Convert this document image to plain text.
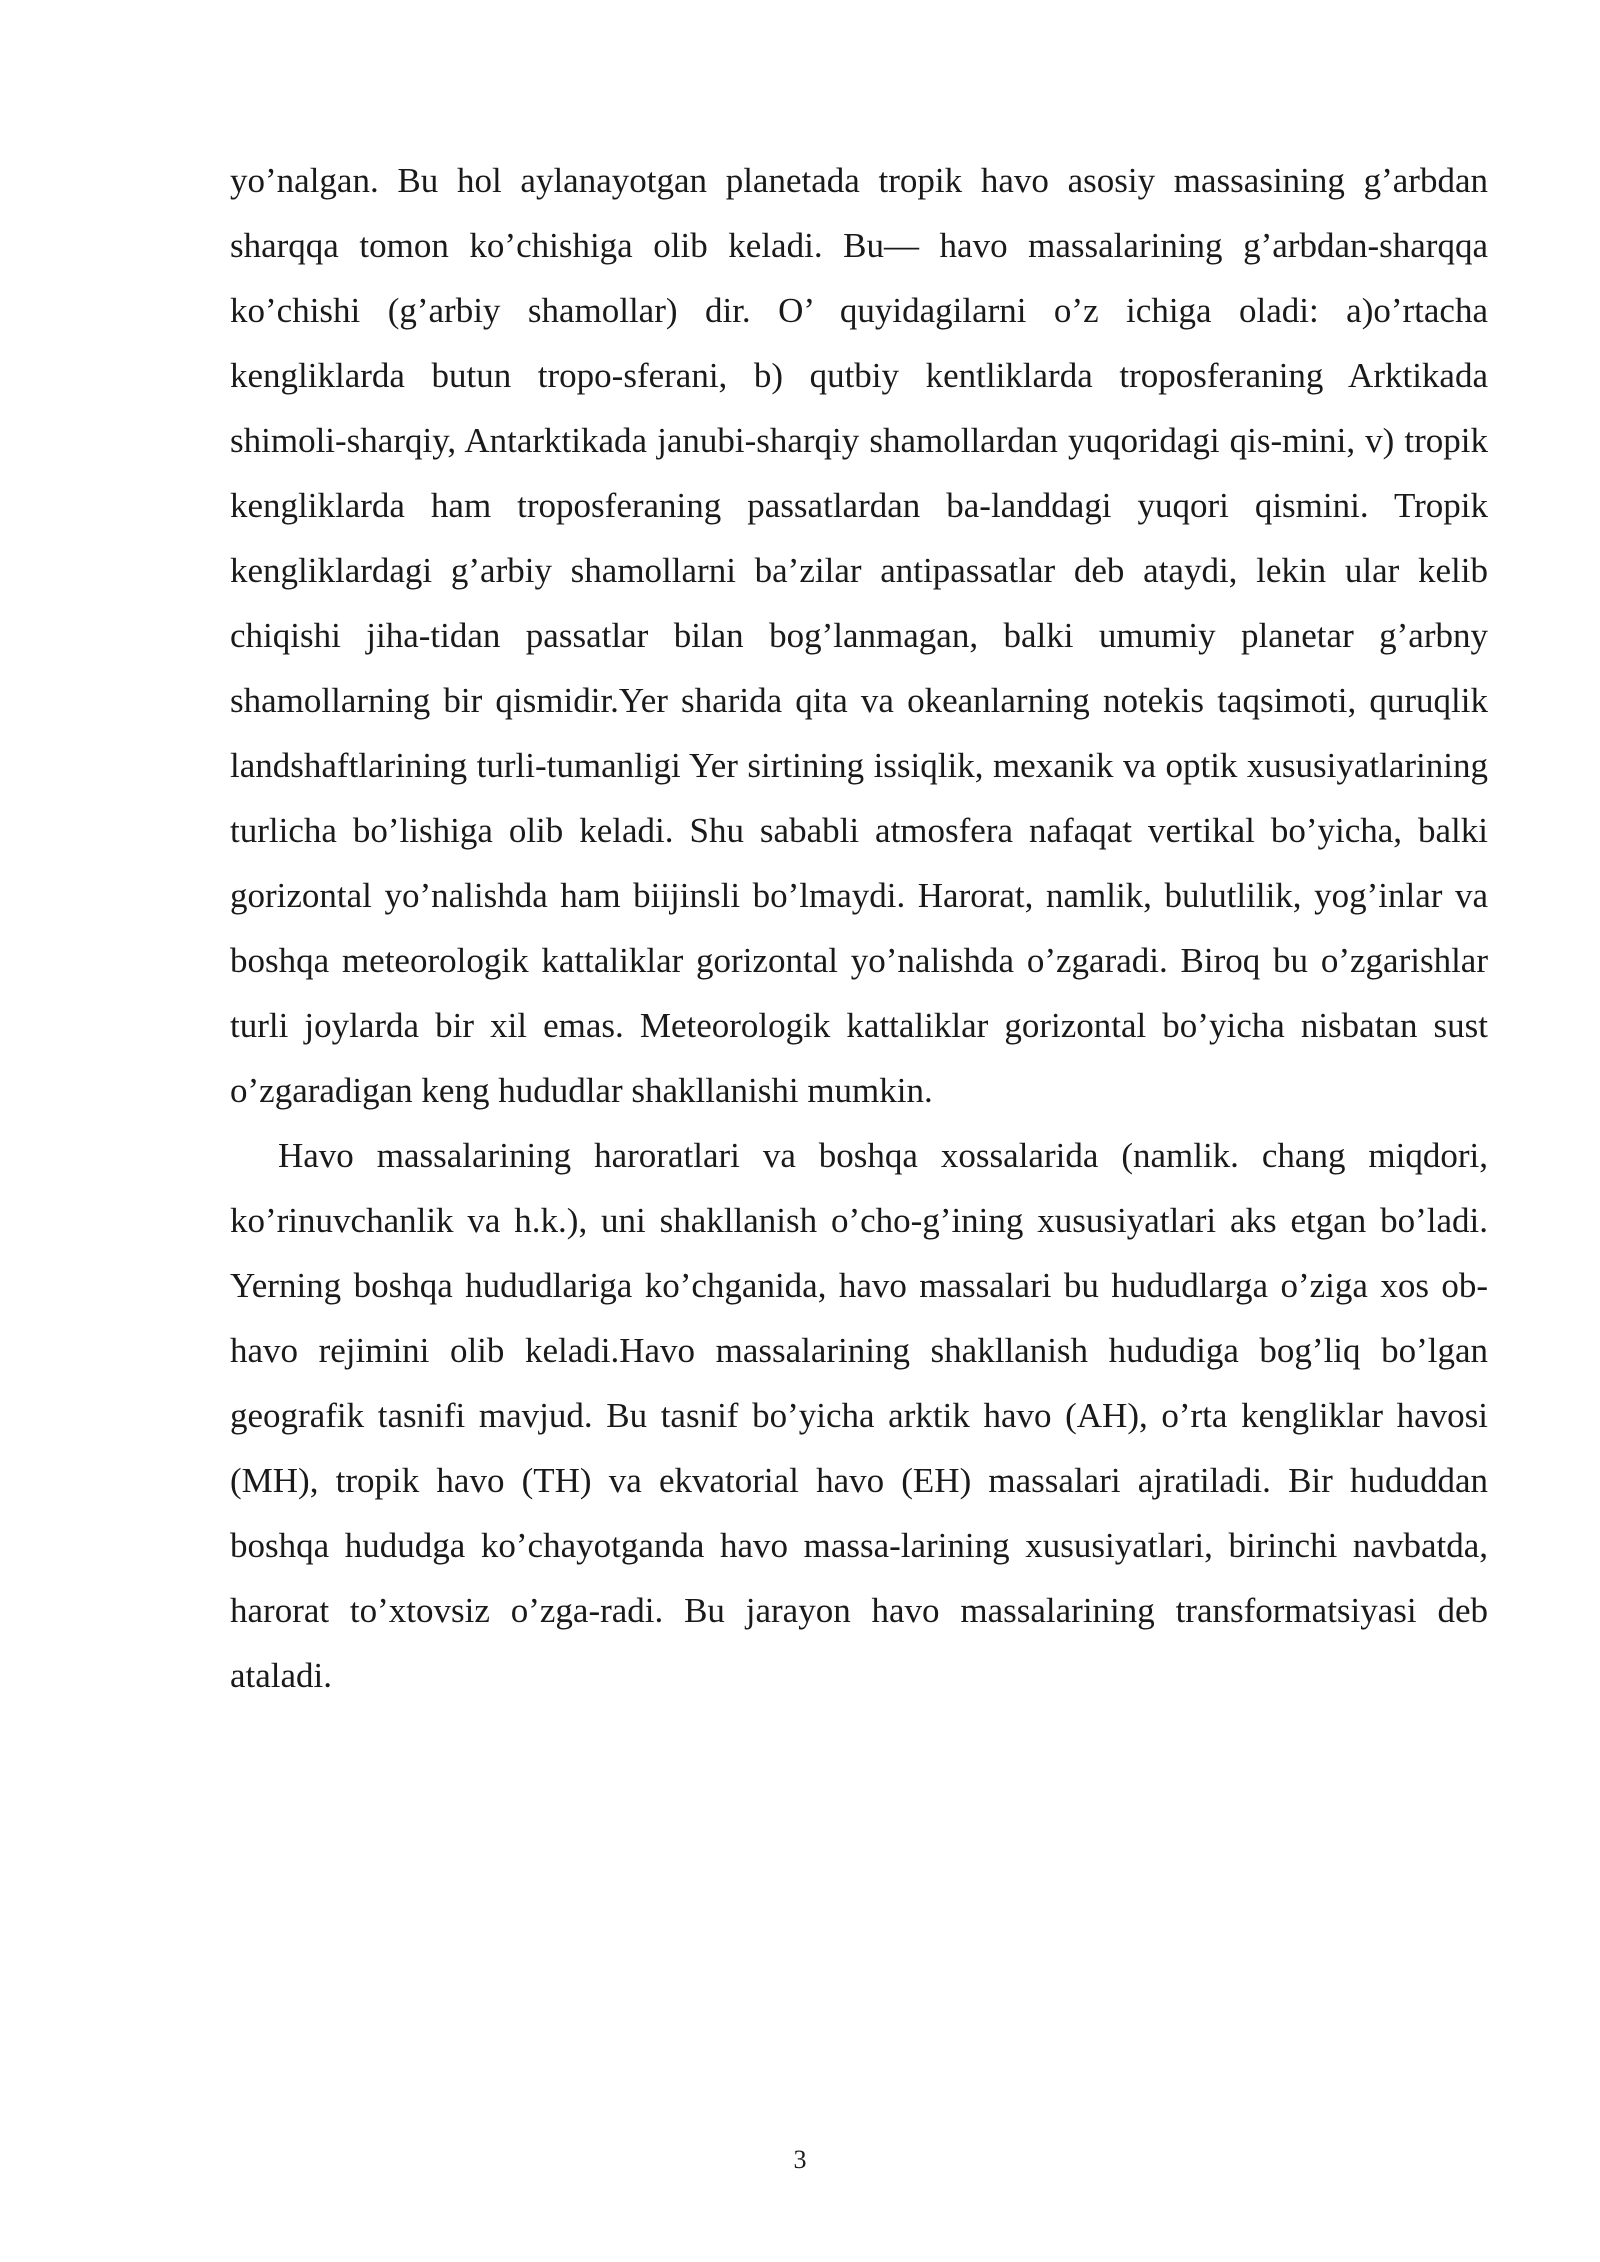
yo’nalgan. Bu hol aylanayotgan planetada tropik havo asosiy massasining g’arbdan sharqqa tomon ko’chishiga olib keladi. Bu— havo massalarining g’arbdan-sharqqa ko’chishi (g’arbiy shamollar) dir. O’ quyidagilarni o’z ichiga oladi: a)o’rtacha kengliklarda butun tropo-sferani, b) qutbiy kentliklarda troposferaning Arktikada shimoli-sharqiy, Antarktikada janubi-sharqiy shamollardan yuqoridagi qis-mini, v) tropik kengliklarda ham troposferaning passatlardan ba-landdagi yuqori qismini. Tropik kengliklardagi g’arbiy shamollarni ba’zilar antipassatlar deb ataydi, lekin ular kelib chiqishi jiha-tidan passatlar bilan bog’lanmagan, balki umumiy planetar g’arbny shamollarning bir qismidir.Yer sharida qita va okeanlarning notekis taqsimoti, quruqlik landshaftlarining turli-tumanligi Yer sirtining issiqlik, mexanik va optik xususiyatlarining turlicha bo’lishiga olib keladi. Shu sababli atmosfera nafaqat vertikal bo’yicha, balki gorizontal yo’nalishda ham biijinsli bo’lmaydi. Harorat, namlik, bulutlilik, yog’inlar va boshqa meteorologik kattaliklar gorizontal yo’nalishda o’zgaradi. Biroq bu o’zgarishlar turli joylarda bir xil emas. Meteorologik kattaliklar gorizontal bo’yicha nisbatan sust o’zgaradigan keng hududlar shakllanishi mumkin.

Havo massalarining haroratlari va boshqa xossalarida (namlik. chang miqdori, ko’rinuvchanlik va h.k.), uni shakllanish o’cho-g’ining xususiyatlari aks etgan bo’ladi. Yerning boshqa hududlariga ko’chganida, havo massalari bu hududlarga o’ziga xos ob-havo rejimini olib keladi.Havo massalarining shakllanish hududiga bog’liq bo’lgan geografik tasnifi mavjud. Bu tasnif bo’yicha arktik havo (AH), o’rta kengliklar havosi (MH), tropik havo (TH) va ekvatorial havo (EH) massalari ajratiladi. Bir hududdan boshqa hududga ko’chayotganda havo massa-larining xususiyatlari, birinchi navbatda, harorat to’xtovsiz o’zga-radi. Bu jarayon havo massalarining transformatsiyasi deb ataladi.

3
